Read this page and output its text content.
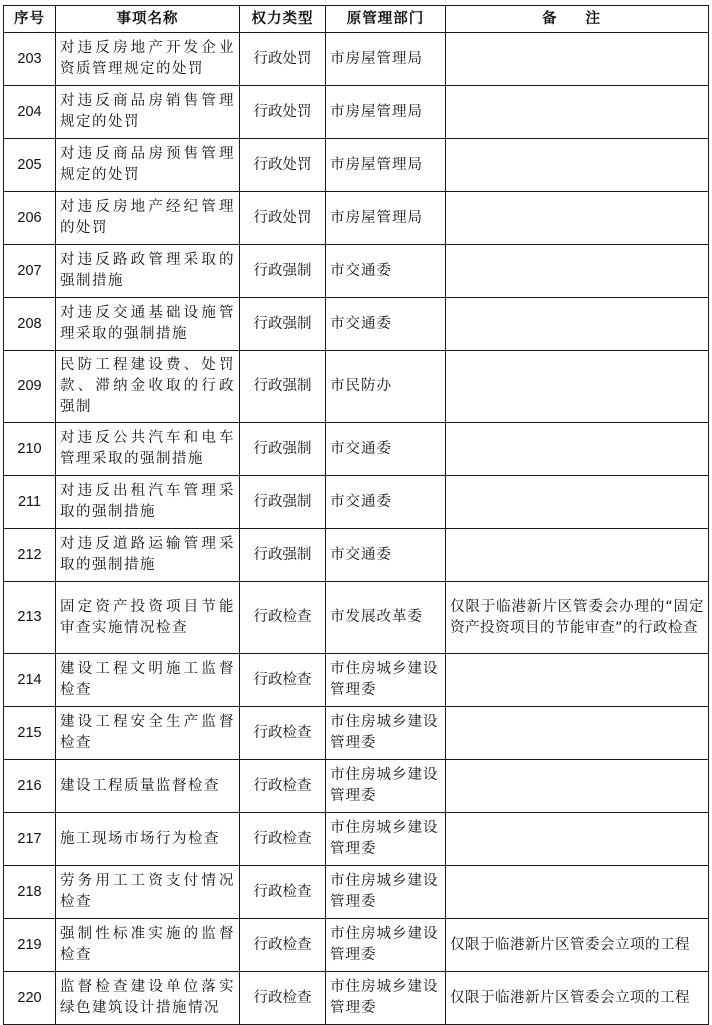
序号	事项名称	权力类型	原管理部门	备 注
203	对违反房地产开发企业资质管理规定的处罚	行政处罚	市房屋管理局	
204	对违反商品房销售管理规定的处罚	行政处罚	市房屋管理局	
205	对违反商品房预售管理规定的处罚	行政处罚	市房屋管理局	
206	对违反房地产经纪管理的处罚	行政处罚	市房屋管理局	
207	对违反路政管理采取的强制措施	行政强制	市交通委	
208	对违反交通基础设施管理采取的强制措施	行政强制	市交通委	
209	民防工程建设费、处罚款、滞纳金收取的行政强制	行政强制	市民防办	
210	对违反公共汽车和电车管理采取的强制措施	行政强制	市交通委	
211	对违反出租汽车管理采取的强制措施	行政强制	市交通委	
212	对违反道路运输管理采取的强制措施	行政强制	市交通委	
213	固定资产投资项目节能审查实施情况检查	行政检查	市发展改革委	仅限于临港新片区管委会办理的“固定资产投资项目的节能审查”的行政检查
214	建设工程文明施工监督检查	行政检查	市住房城乡建设管理委	
215	建设工程安全生产监督检查	行政检查	市住房城乡建设管理委	
216	建设工程质量监督检查	行政检查	市住房城乡建设管理委	
217	施工现场市场行为检查	行政检查	市住房城乡建设管理委	
218	劳务用工工资支付情况检查	行政检查	市住房城乡建设管理委	
219	强制性标准实施的监督检查	行政检查	市住房城乡建设管理委	仅限于临港新片区管委会立项的工程
220	监督检查建设单位落实绿色建筑设计措施情况	行政检查	市住房城乡建设管理委	仅限于临港新片区管委会立项的工程
